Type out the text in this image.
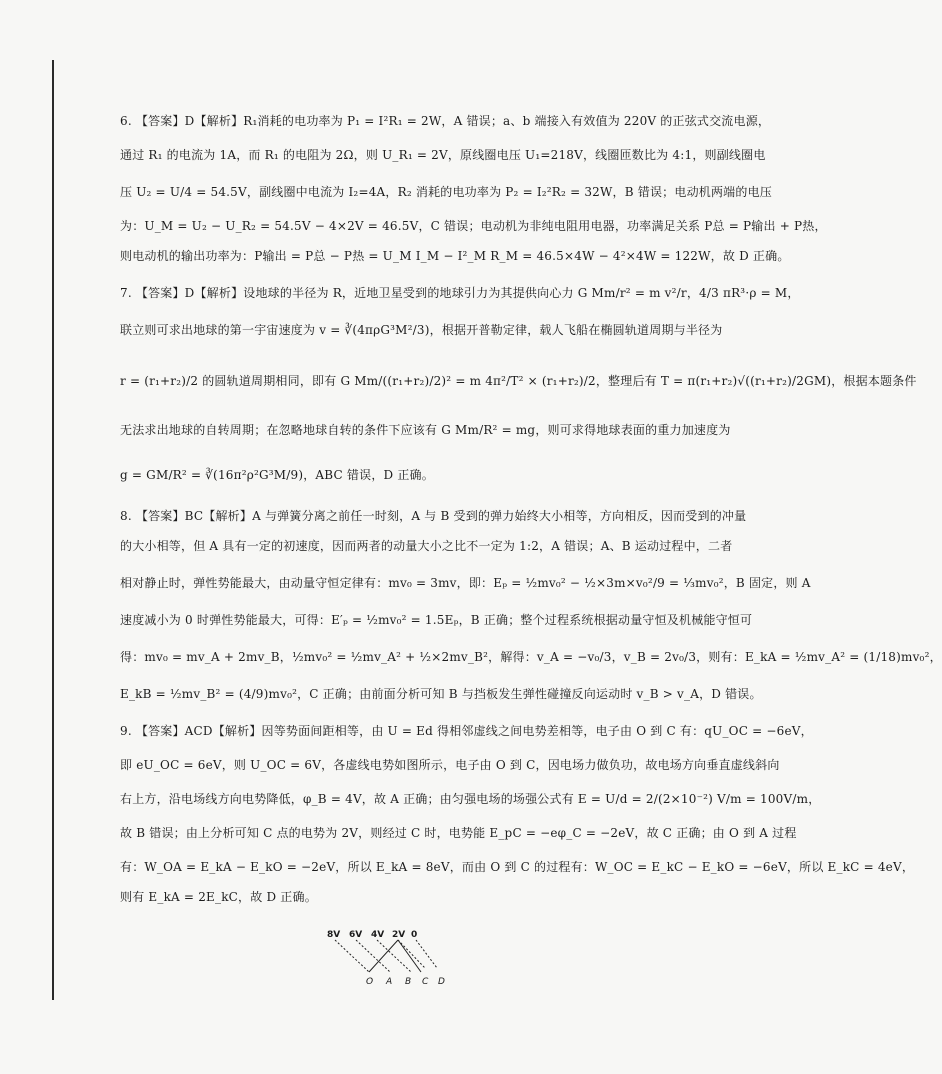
6. 【答案】D【解析】R₁消耗的电功率为 P₁ = I²R₁ = 2W，A 错误；a、b 端接入有效值为 220V 的正弦式交流电源，
通过 R₁ 的电流为 1A，而 R₁ 的电阻为 2Ω，则 U_R₁ = 2V，原线圈电压 U₁=218V，线圈匝数比为 4:1，则副线圈电
压 U₂ = U/4 = 54.5V，副线圈中电流为 I₂=4A，R₂ 消耗的电功率为 P₂ = I₂²R₂ = 32W，B 错误；电动机两端的电压
为：U_M = U₂ − U_R₂ = 54.5V − 4×2V = 46.5V，C 错误；电动机为非纯电阻用电器，功率满足关系 P总 = P输出 + P热，
则电动机的输出功率为：P输出 = P总 − P热 = U_M I_M − I²_M R_M = 46.5×4W − 4²×4W = 122W，故 D 正确。
7. 【答案】D【解析】设地球的半径为 R，近地卫星受到的地球引力为其提供向心力 G Mm/r² = m v²/r，4/3 πR³·ρ = M，
联立则可求出地球的第一宇宙速度为 v = ∛(4πρG³M²/3)，根据开普勒定律，载人飞船在椭圆轨道周期与半径为
r = (r₁+r₂)/2 的圆轨道周期相同，即有 G Mm/((r₁+r₂)/2)² = m 4π²/T² × (r₁+r₂)/2，整理后有 T = π(r₁+r₂)√((r₁+r₂)/2GM)，根据本题条件
无法求出地球的自转周期；在忽略地球自转的条件下应该有 G Mm/R² = mg，则可求得地球表面的重力加速度为
g = GM/R² = ∛(16π²ρ²G³M/9)，ABC 错误，D 正确。
8. 【答案】BC【解析】A 与弹簧分离之前任一时刻，A 与 B 受到的弹力始终大小相等，方向相反，因而受到的冲量
的大小相等，但 A 具有一定的初速度，因而两者的动量大小之比不一定为 1:2，A 错误；A、B 运动过程中，二者
相对静止时，弹性势能最大，由动量守恒定律有：mv₀ = 3mv，即：Eₚ = ½mv₀² − ½×3m×v₀²/9 = ⅓mv₀²，B 固定，则 A
速度减小为 0 时弹性势能最大，可得：E′ₚ = ½mv₀² = 1.5Eₚ，B 正确；整个过程系统根据动量守恒及机械能守恒可
得：mv₀ = mv_A + 2mv_B，½mv₀² = ½mv_A² + ½×2mv_B²，解得：v_A = −v₀/3，v_B = 2v₀/3，则有：E_kA = ½mv_A² = (1/18)mv₀²，
E_kB = ½mv_B² = (4/9)mv₀²，C 正确；由前面分析可知 B 与挡板发生弹性碰撞反向运动时 v_B > v_A，D 错误。
9. 【答案】ACD【解析】因等势面间距相等，由 U = Ed 得相邻虚线之间电势差相等，电子由 O 到 C 有：qU_OC = −6eV，
即 eU_OC = 6eV，则 U_OC = 6V，各虚线电势如图所示，电子由 O 到 C，因电场力做负功，故电场方向垂直虚线斜向
右上方，沿电场线方向电势降低，φ_B = 4V，故 A 正确；由匀强电场的场强公式有 E = U/d = 2/(2×10⁻²) V/m = 100V/m，
故 B 错误；由上分析可知 C 点的电势为 2V，则经过 C 时，电势能 E_pC = −eφ_C = −2eV，故 C 正确；由 O 到 A 过程
有：W_OA = E_kA − E_kO = −2eV，所以 E_kA = 8eV，而由 O 到 C 的过程有：W_OC = E_kC − E_kO = −6eV，所以 E_kC = 4eV，
则有 E_kA = 2E_kC，故 D 正确。
8V 6V 4V 2V 0
O A B C D
